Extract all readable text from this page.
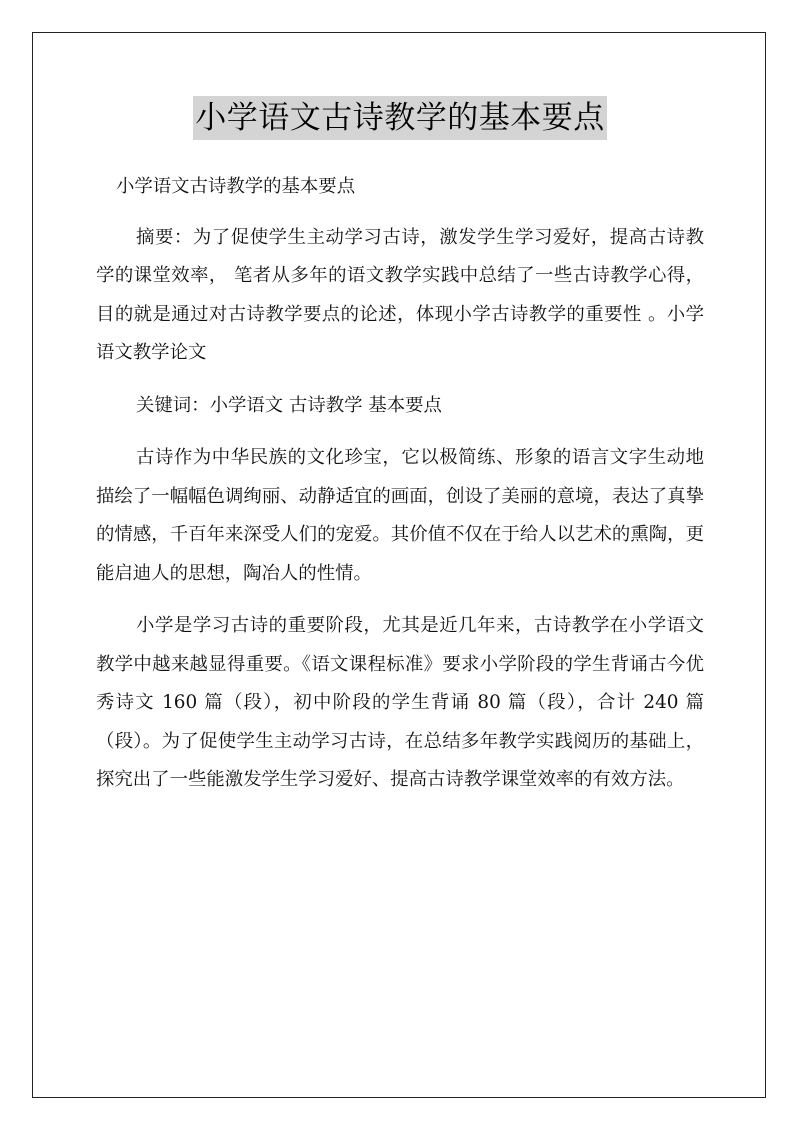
小学语文古诗教学的基本要点

小学语文古诗教学的基本要点

摘要：为了促使学生主动学习古诗，激发学生学习爱好，提高古诗教学的课堂效率， 笔者从多年的语文教学实践中总结了一些古诗教学心得，目的就是通过对古诗教学要点的论述，体现小学古诗教学的重要性 。小学语文教学论文

关键词：小学语文 古诗教学 基本要点

古诗作为中华民族的文化珍宝，它以极简练、形象的语言文字生动地描绘了一幅幅色调绚丽、动静适宜的画面，创设了美丽的意境，表达了真挚的情感，千百年来深受人们的宠爱。其价值不仅在于给人以艺术的熏陶，更能启迪人的思想，陶冶人的性情。

小学是学习古诗的重要阶段，尤其是近几年来，古诗教学在小学语文教学中越来越显得重要。《语文课程标准》要求小学阶段的学生背诵古今优秀诗文 160 篇（段），初中阶段的学生背诵 80 篇（段），合计 240 篇（段）。为了促使学生主动学习古诗，在总结多年教学实践阅历的基础上，探究出了一些能激发学生学习爱好、提高古诗教学课堂效率的有效方法。
